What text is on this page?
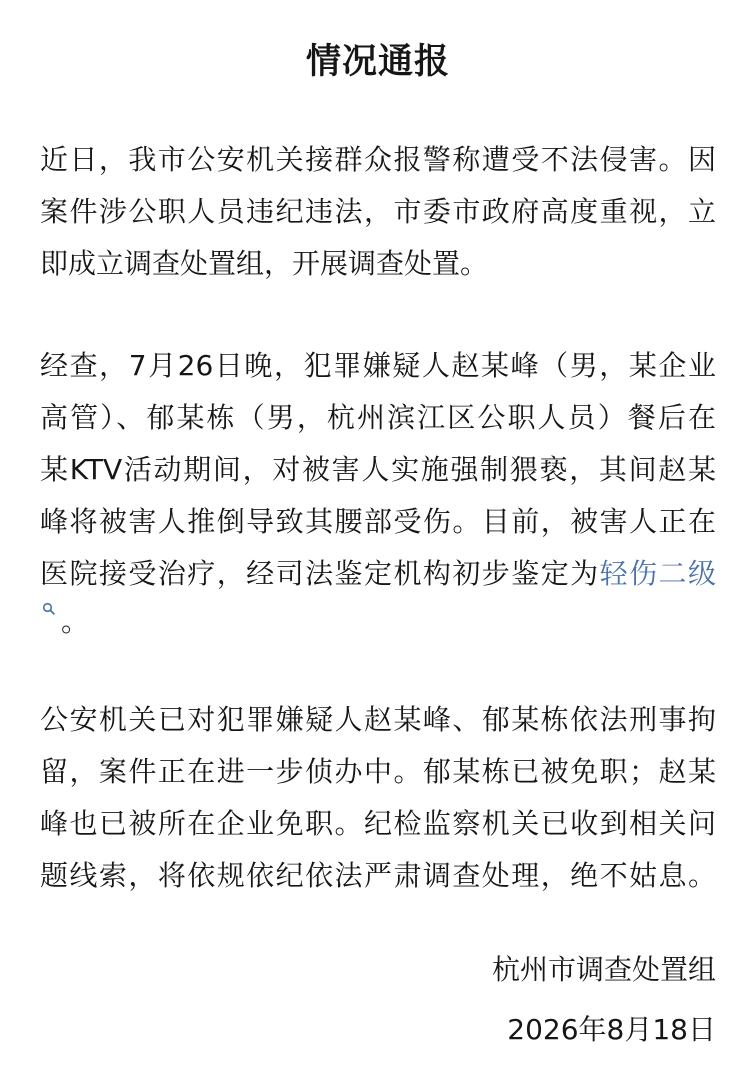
情况通报
近日，我市公安机关接群众报警称遭受不法侵害。因
案件涉公职人员违纪违法，市委市政府高度重视，立
即成立调查处置组，开展调查处置。
经查，7月26日晚，犯罪嫌疑人赵某峰（男，某企业
高管）、郁某栋（男，杭州滨江区公职人员）餐后在
某KTV活动期间，对被害人实施强制猥亵，其间赵某
峰将被害人推倒导致其腰部受伤。目前，被害人正在
医院接受治疗，经司法鉴定机构初步鉴定为轻伤二级
。
公安机关已对犯罪嫌疑人赵某峰、郁某栋依法刑事拘
留，案件正在进一步侦办中。郁某栋已被免职；赵某
峰也已被所在企业免职。纪检监察机关已收到相关问
题线索，将依规依纪依法严肃调查处理，绝不姑息。
杭州市调查处置组
2026年8月18日
